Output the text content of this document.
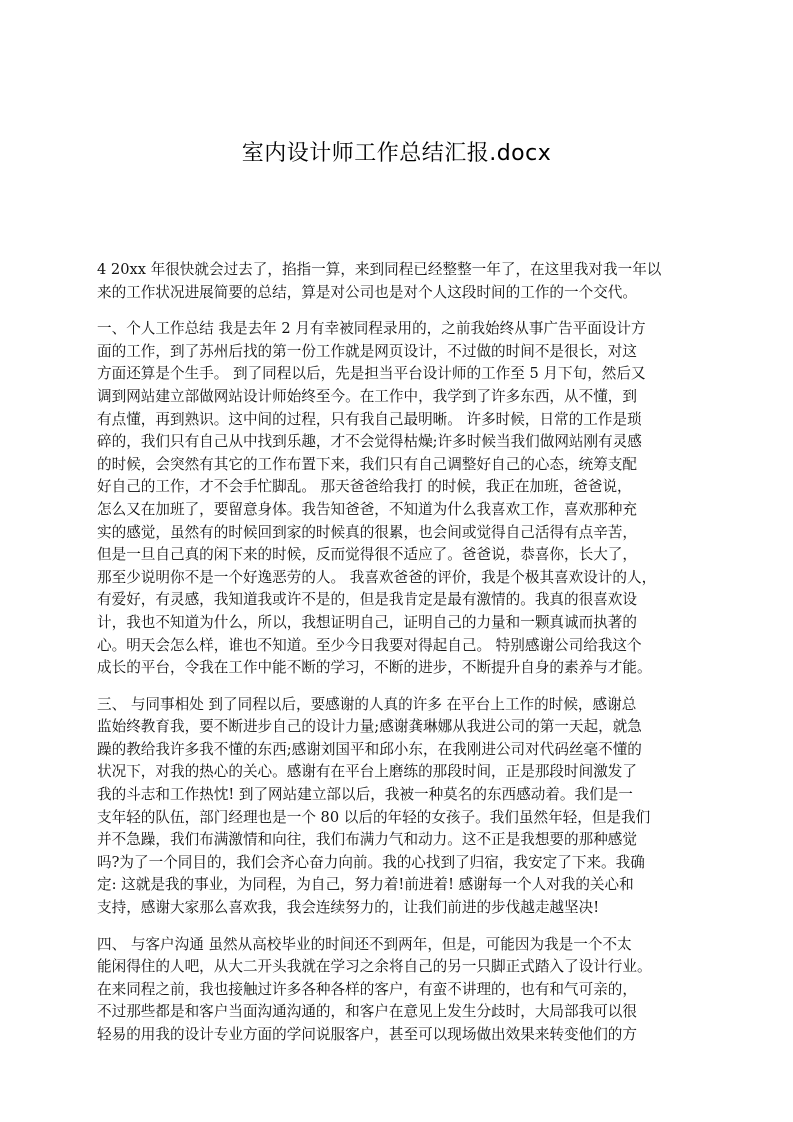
室内设计师工作总结汇报.docx

4 20xx 年很快就会过去了，掐指一算，来到同程已经整整一年了，在这里我对我一年以
来的工作状况进展简要的总结，算是对公司也是对个人这段时间的工作的一个交代。

一、个人工作总结 我是去年 2 月有幸被同程录用的，之前我始终从事广告平面设计方
面的工作，到了苏州后找的第一份工作就是网页设计，不过做的时间不是很长，对这
方面还算是个生手。 到了同程以后，先是担当平台设计师的工作至 5 月下旬，然后又
调到网站建立部做网站设计师始终至今。在工作中，我学到了许多东西，从不懂，到
有点懂，再到熟识。这中间的过程，只有我自己最明晰。 许多时候，日常的工作是琐
碎的，我们只有自己从中找到乐趣，才不会觉得枯燥;许多时候当我们做网站刚有灵感
的时候，会突然有其它的工作布置下来，我们只有自己调整好自己的心态，统筹支配
好自己的工作，才不会手忙脚乱。 那天爸爸给我打 的时候，我正在加班，爸爸说，
怎么又在加班了，要留意身体。我告知爸爸，不知道为什么我喜欢工作，喜欢那种充
实的感觉，虽然有的时候回到家的时候真的很累，也会间或觉得自己活得有点辛苦，
但是一旦自己真的闲下来的时候，反而觉得很不适应了。爸爸说，恭喜你，长大了，
那至少说明你不是一个好逸恶劳的人。 我喜欢爸爸的评价，我是个极其喜欢设计的人，
有爱好，有灵感，我知道我或许不是的，但是我肯定是最有激情的。我真的很喜欢设
计，我也不知道为什么，所以，我想证明自己，证明自己的力量和一颗真诚而执著的
心。明天会怎么样，谁也不知道。至少今日我要对得起自己。 特别感谢公司给我这个
成长的平台，令我在工作中能不断的学习，不断的进步，不断提升自身的素养与才能。

三、 与同事相处 到了同程以后，要感谢的人真的许多 在平台上工作的时候，感谢总
监始终教育我，要不断进步自己的设计力量;感谢龚琳娜从我进公司的第一天起，就急
躁的教给我许多我不懂的东西;感谢刘国平和邱小东，在我刚进公司对代码丝毫不懂的
状况下，对我的热心的关心。感谢有在平台上磨练的那段时间，正是那段时间激发了
我的斗志和工作热忱! 到了网站建立部以后，我被一种莫名的东西感动着。我们是一
支年轻的队伍，部门经理也是一个 80 以后的年轻的女孩子。我们虽然年轻，但是我们
并不急躁，我们布满激情和向往，我们布满力气和动力。这不正是我想要的那种感觉
吗?为了一个同目的，我们会齐心奋力向前。我的心找到了归宿，我安定了下来。我确
定: 这就是我的事业，为同程，为自己，努力着!前进着! 感谢每一个人对我的关心和
支持，感谢大家那么喜欢我，我会连续努力的，让我们前进的步伐越走越坚决!

四、 与客户沟通 虽然从高校毕业的时间还不到两年，但是，可能因为我是一个不太
能闲得住的人吧，从大二开头我就在学习之余将自己的另一只脚正式踏入了设计行业。
在来同程之前，我也接触过许多各种各样的客户，有蛮不讲理的，也有和气可亲的，
不过那些都是和客户当面沟通沟通的，和客户在意见上发生分歧时，大局部我可以很
轻易的用我的设计专业方面的学问说服客户，甚至可以现场做出效果来转变他们的方
